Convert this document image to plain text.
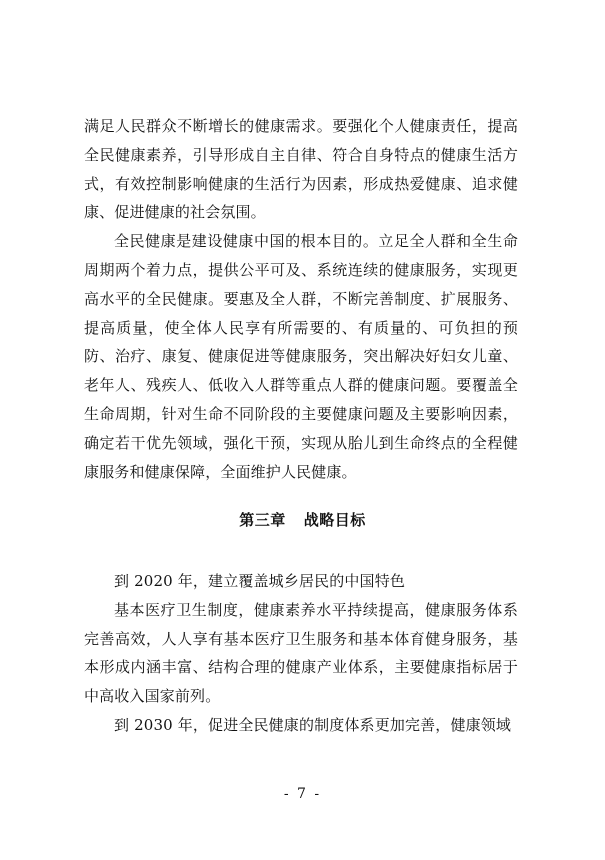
满足人民群众不断增长的健康需求。要强化个人健康责任，提高全民健康素养，引导形成自主自律、符合自身特点的健康生活方式，有效控制影响健康的生活行为因素，形成热爱健康、追求健康、促进健康的社会氛围。

全民健康是建设健康中国的根本目的。立足全人群和全生命周期两个着力点，提供公平可及、系统连续的健康服务，实现更高水平的全民健康。要惠及全人群，不断完善制度、扩展服务、提高质量，使全体人民享有所需要的、有质量的、可负担的预防、治疗、康复、健康促进等健康服务，突出解决好妇女儿童、老年人、残疾人、低收入人群等重点人群的健康问题。要覆盖全生命周期，针对生命不同阶段的主要健康问题及主要影响因素，确定若干优先领域，强化干预，实现从胎儿到生命终点的全程健康服务和健康保障，全面维护人民健康。

第三章 战略目标

到 2020 年，建立覆盖城乡居民的中国特色

基本医疗卫生制度，健康素养水平持续提高，健康服务体系完善高效，人人享有基本医疗卫生服务和基本体育健身服务，基本形成内涵丰富、结构合理的健康产业体系，主要健康指标居于中高收入国家前列。

到 2030 年，促进全民健康的制度体系更加完善，健康领域

- 7 -
